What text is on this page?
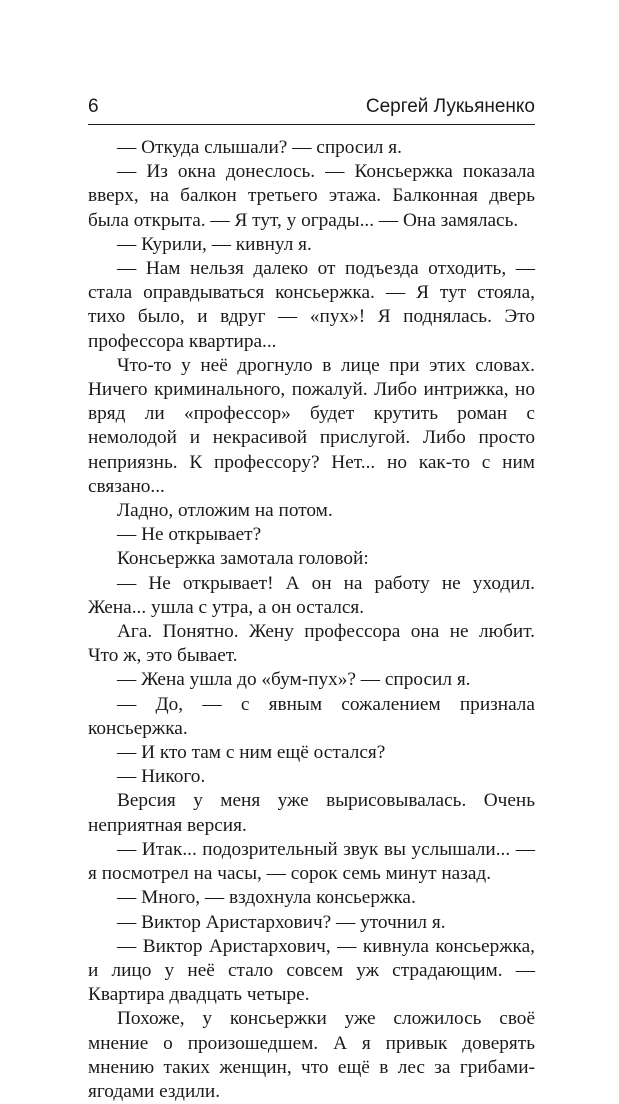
6	Сергей Лукьяненко

— Откуда слышали? — спросил я.

— Из окна донеслось. — Консьержка показала вверх, на балкон третьего этажа. Балконная дверь была открыта. — Я тут, у ограды... — Она замялась.

— Курили, — кивнул я.

— Нам нельзя далеко от подъезда отходить, — стала оправдываться консьержка. — Я тут стояла, тихо было, и вдруг — «пух»! Я поднялась. Это профессора квартира...

Что-то у неё дрогнуло в лице при этих словах. Ничего криминального, пожалуй. Либо интрижка, но вряд ли «профессор» будет крутить роман с немолодой и некрасивой прислугой. Либо просто неприязнь. К профессору? Нет... но как-то с ним связано...

Ладно, отложим на потом.

— Не открывает?

Консьержка замотала головой:

— Не открывает! А он на работу не уходил. Жена... ушла с утра, а он остался.

Ага. Понятно. Жену профессора она не любит. Что ж, это бывает.

— Жена ушла до «бум-пух»? — спросил я.

— До, — с явным сожалением признала консьержка.

— И кто там с ним ещё остался?

— Никого.

Версия у меня уже вырисовывалась. Очень неприятная версия.

— Итак... подозрительный звук вы услышали... — я посмотрел на часы, — сорок семь минут назад.

— Много, — вздохнула консьержка.

— Виктор Аристархович? — уточнил я.

— Виктор Аристархович, — кивнула консьержка, и лицо у неё стало совсем уж страдающим. — Квартира двадцать четыре.

Похоже, у консьержки уже сложилось своё мнение о произошедшем. А я привык доверять мнению таких женщин, что ещё в лес за грибами-ягодами ездили.
